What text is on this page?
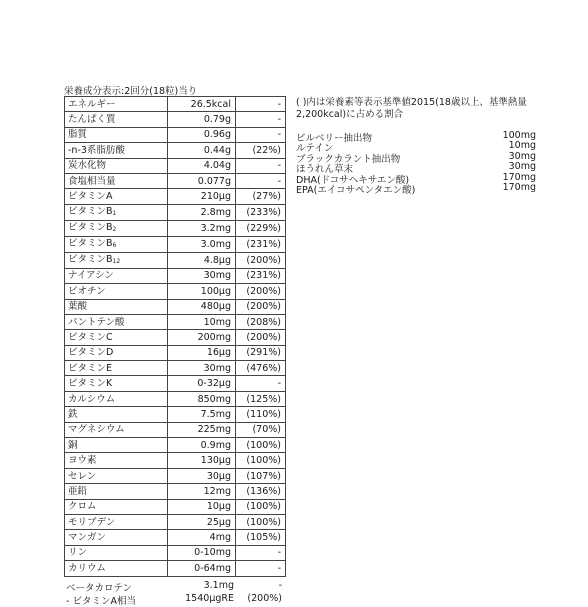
栄養成分表示:2回分(18粒)当り
エネルギー	26.5kcal	-
たんぱく質	0.79g	-
脂質	0.96g	-
-n-3系脂肪酸	0.44g	(22%)
炭水化物	4.04g	-
食塩相当量	0.077g	-
ビタミンA	210μg	(27%)
ビタミンB1	2.8mg	(233%)
ビタミンB2	3.2mg	(229%)
ビタミンB6	3.0mg	(231%)
ビタミンB12	4.8μg	(200%)
ナイアシン	30mg	(231%)
ビオチン	100μg	(200%)
葉酸	480μg	(200%)
パントテン酸	10mg	(208%)
ビタミンC	200mg	(200%)
ビタミンD	16μg	(291%)
ビタミンE	30mg	(476%)
ビタミンK	0-32μg	-
カルシウム	850mg	(125%)
鉄	7.5mg	(110%)
マグネシウム	225mg	(70%)
銅	0.9mg	(100%)
ヨウ素	130μg	(100%)
セレン	30μg	(107%)
亜鉛	12mg	(136%)
クロム	10μg	(100%)
モリブデン	25μg	(100%)
マンガン	4mg	(105%)
リン	0-10mg	-
カリウム	0-64mg	-
ベータカロテン	3.1mg	-
- ビタミンA相当	1540μgRE (200%)
( )内は栄養素等表示基準値2015(18歳以上、基準熱量2,200kcal)に占める割合
ビルベリー抽出物	100mg
ルテイン	10mg
ブラックカラント抽出物	30mg
ほうれん草末	30mg
DHA(ドコサヘキサエン酸)	170mg
EPA(エイコサペンタエン酸)	170mg
